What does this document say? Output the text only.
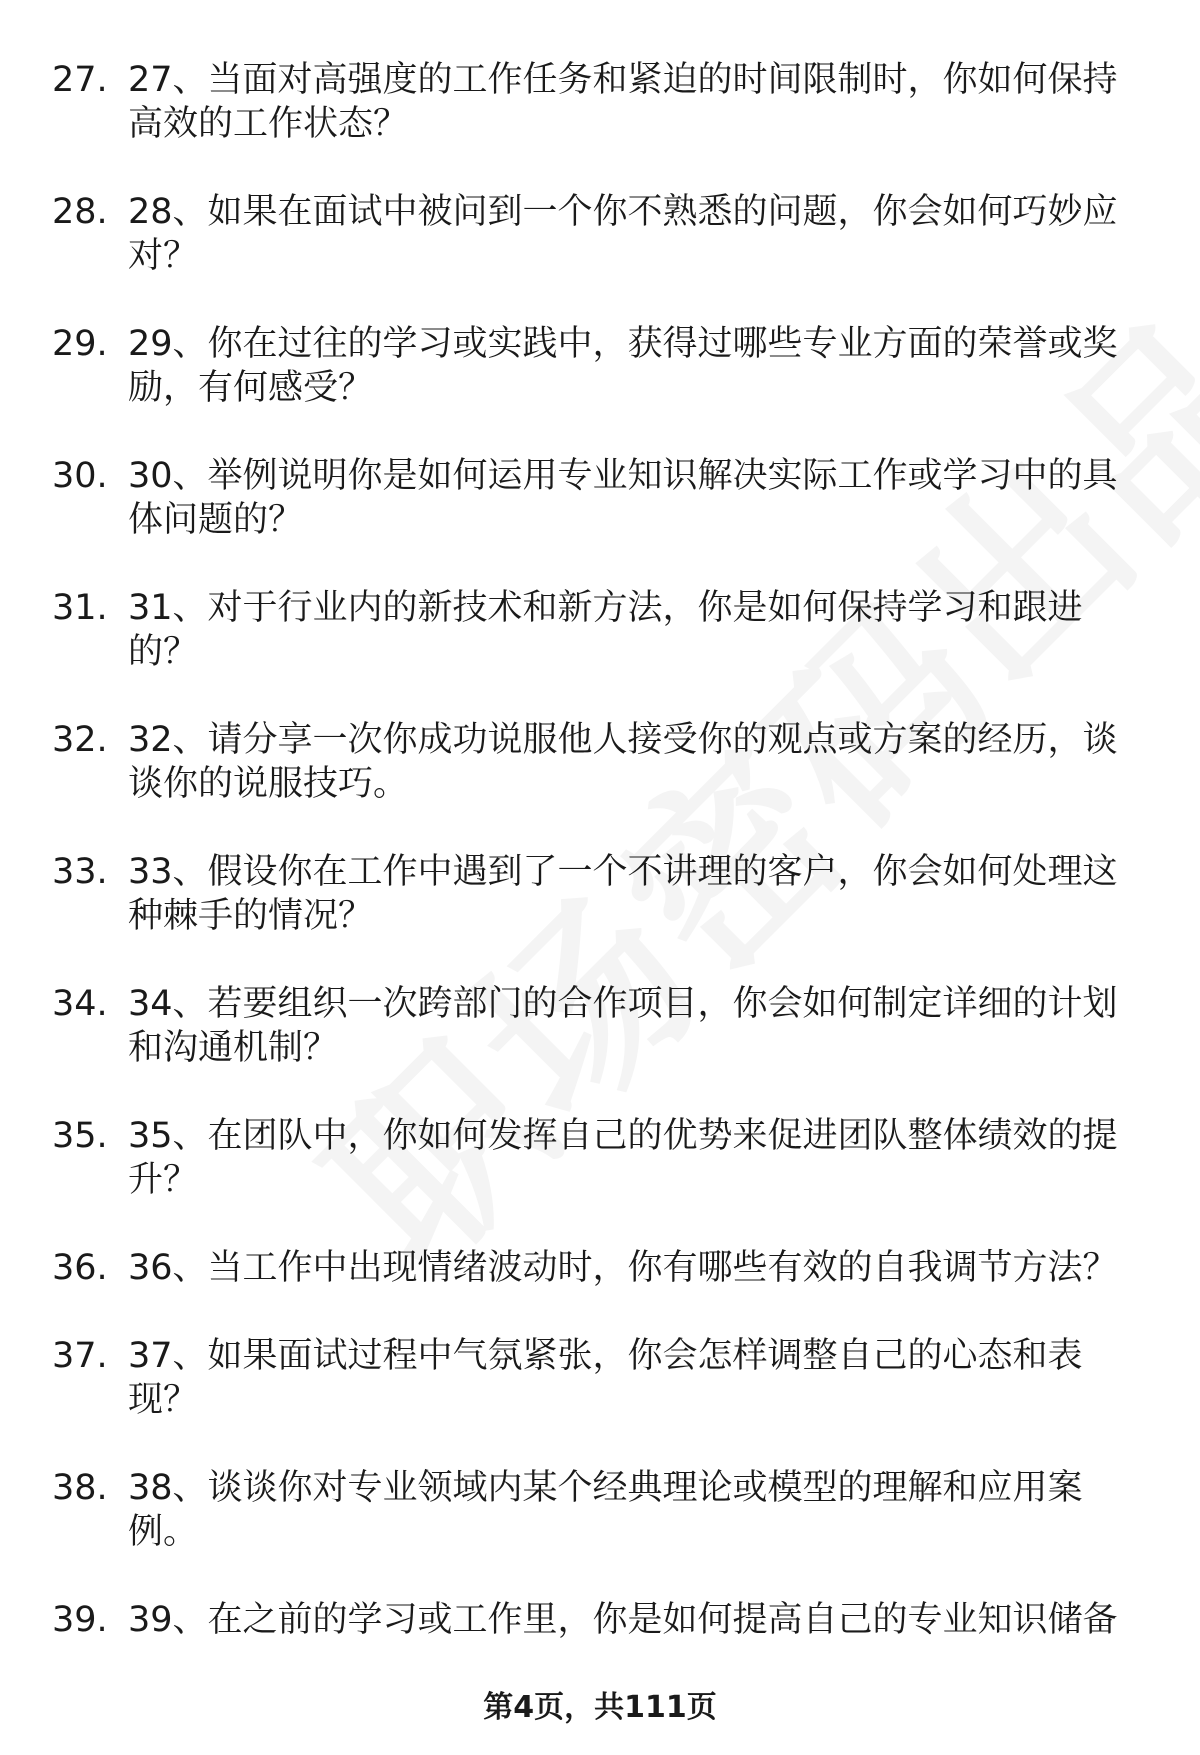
27. 27、当面对高强度的工作任务和紧迫的时间限制时，你如何保持高效的工作状态？
28. 28、如果在面试中被问到一个你不熟悉的问题，你会如何巧妙应对？
29. 29、你在过往的学习或实践中，获得过哪些专业方面的荣誉或奖励，有何感受？
30. 30、举例说明你是如何运用专业知识解决实际工作或学习中的具体问题的？
31. 31、对于行业内的新技术和新方法，你是如何保持学习和跟进的？
32. 32、请分享一次你成功说服他人接受你的观点或方案的经历，谈谈你的说服技巧。
33. 33、假设你在工作中遇到了一个不讲理的客户，你会如何处理这种棘手的情况？
34. 34、若要组织一次跨部门的合作项目，你会如何制定详细的计划和沟通机制？
35. 35、在团队中，你如何发挥自己的优势来促进团队整体绩效的提升？
36. 36、当工作中出现情绪波动时，你有哪些有效的自我调节方法？
37. 37、如果面试过程中气氛紧张，你会怎样调整自己的心态和表现？
38. 38、谈谈你对专业领域内某个经典理论或模型的理解和应用案例。
39. 39、在之前的学习或工作里，你是如何提高自己的专业知识储备
第4页，共111页
